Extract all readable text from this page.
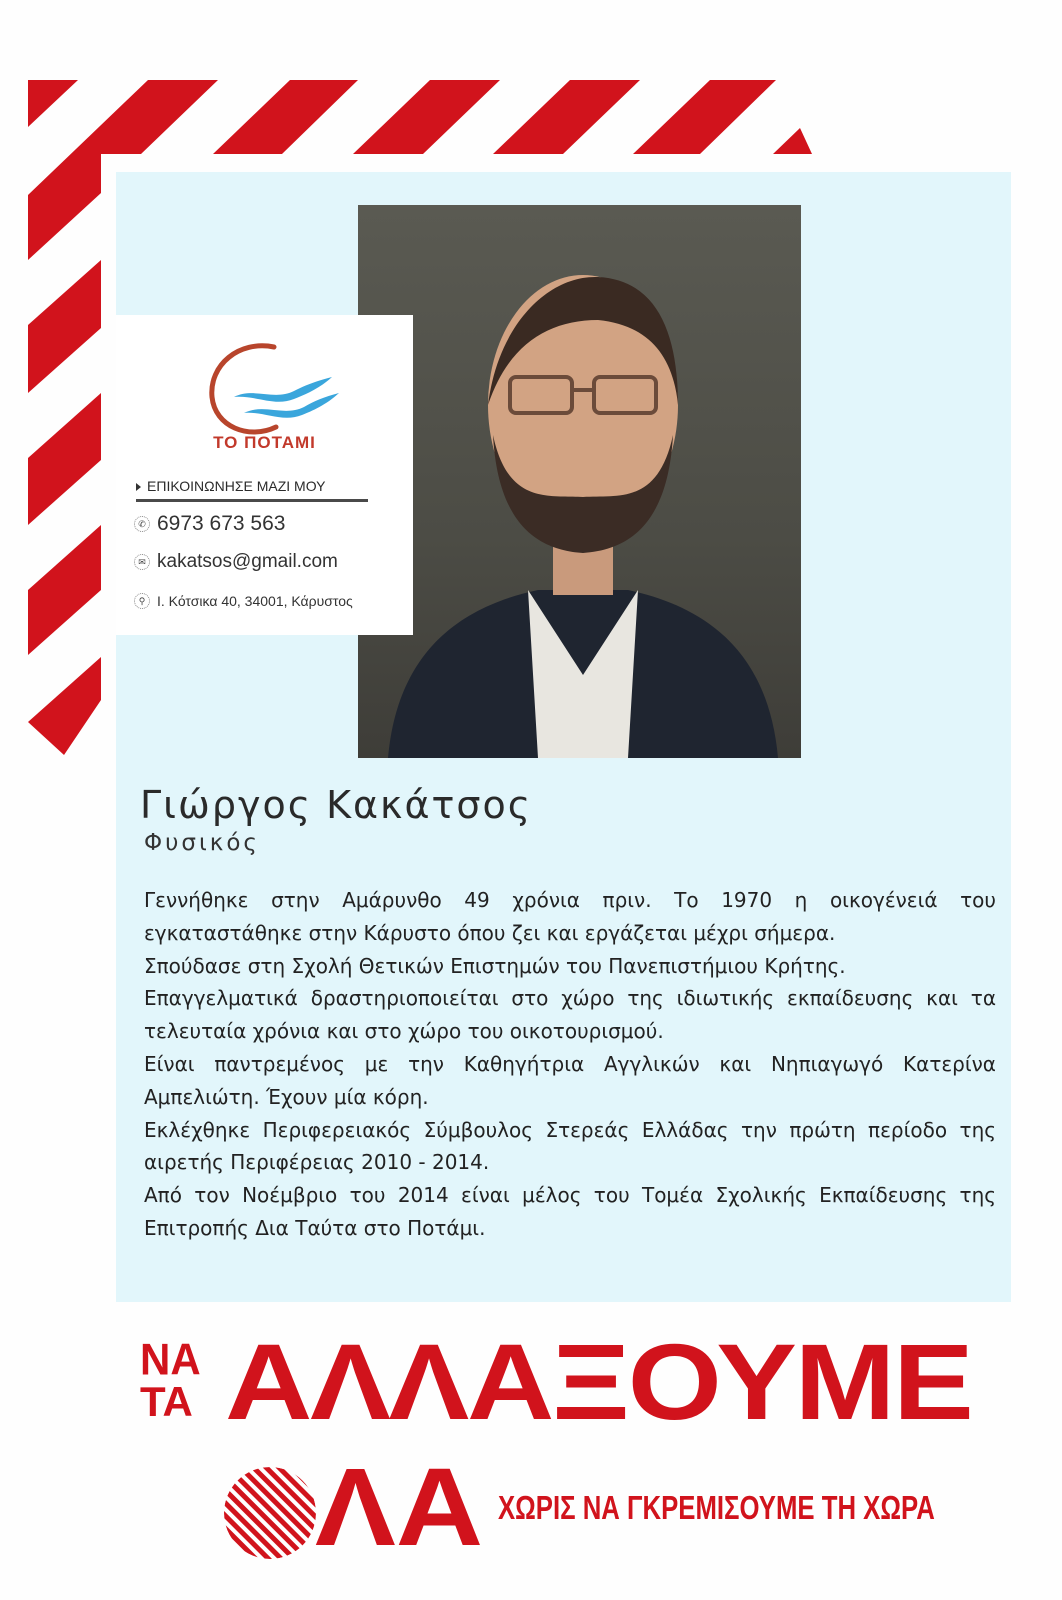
ΤΟ ΠΟΤΑΜΙ
ΕΠΙΚΟΙΝΩΝΗΣΕ ΜΑΖΙ ΜΟΥ
✆ 6973 673 563
✉ kakatsos@gmail.com
⚲ Ι. Κότσικα 40, 34001, Κάρυστος
Γιώργος Κακάτσος
Φυσικός

Γεννήθηκε στην Αμάρυνθο 49 χρόνια πριν. Το 1970 η οικογένειά του εγκαταστάθηκε στην Κάρυστο όπου ζει και εργάζεται μέχρι σήμερα.

Σπούδασε στη Σχολή Θετικών Επιστημών του Πανεπιστήμιου Κρήτης.

Επαγγελματικά δραστηριοποιείται στο χώρο της ιδιωτικής εκπαίδευσης και τα τελευταία χρόνια και στο χώρο του οικοτουρισμού.

Είναι παντρεμένος με την Καθηγήτρια Αγγλικών και Νηπιαγωγό Κατερίνα Αμπελιώτη. Έχουν μία κόρη.

Εκλέχθηκε Περιφερειακός Σύμβουλος Στερεάς Ελλάδας την πρώτη περίοδο της αιρετής Περιφέρειας 2010 - 2014.

Από τον Νοέμβριο του 2014 είναι μέλος του Τομέα Σχολικής Εκπαίδευσης της Επιτροπής Δια Ταύτα στο Ποτάμι.

ΝΑ
ΤΑ ΑΛΛΑΞΟΥΜΕ
ΛΑ ΧΩΡΙΣ ΝΑ ΓΚΡΕΜΙΣΟΥΜΕ ΤΗ ΧΩΡΑ
